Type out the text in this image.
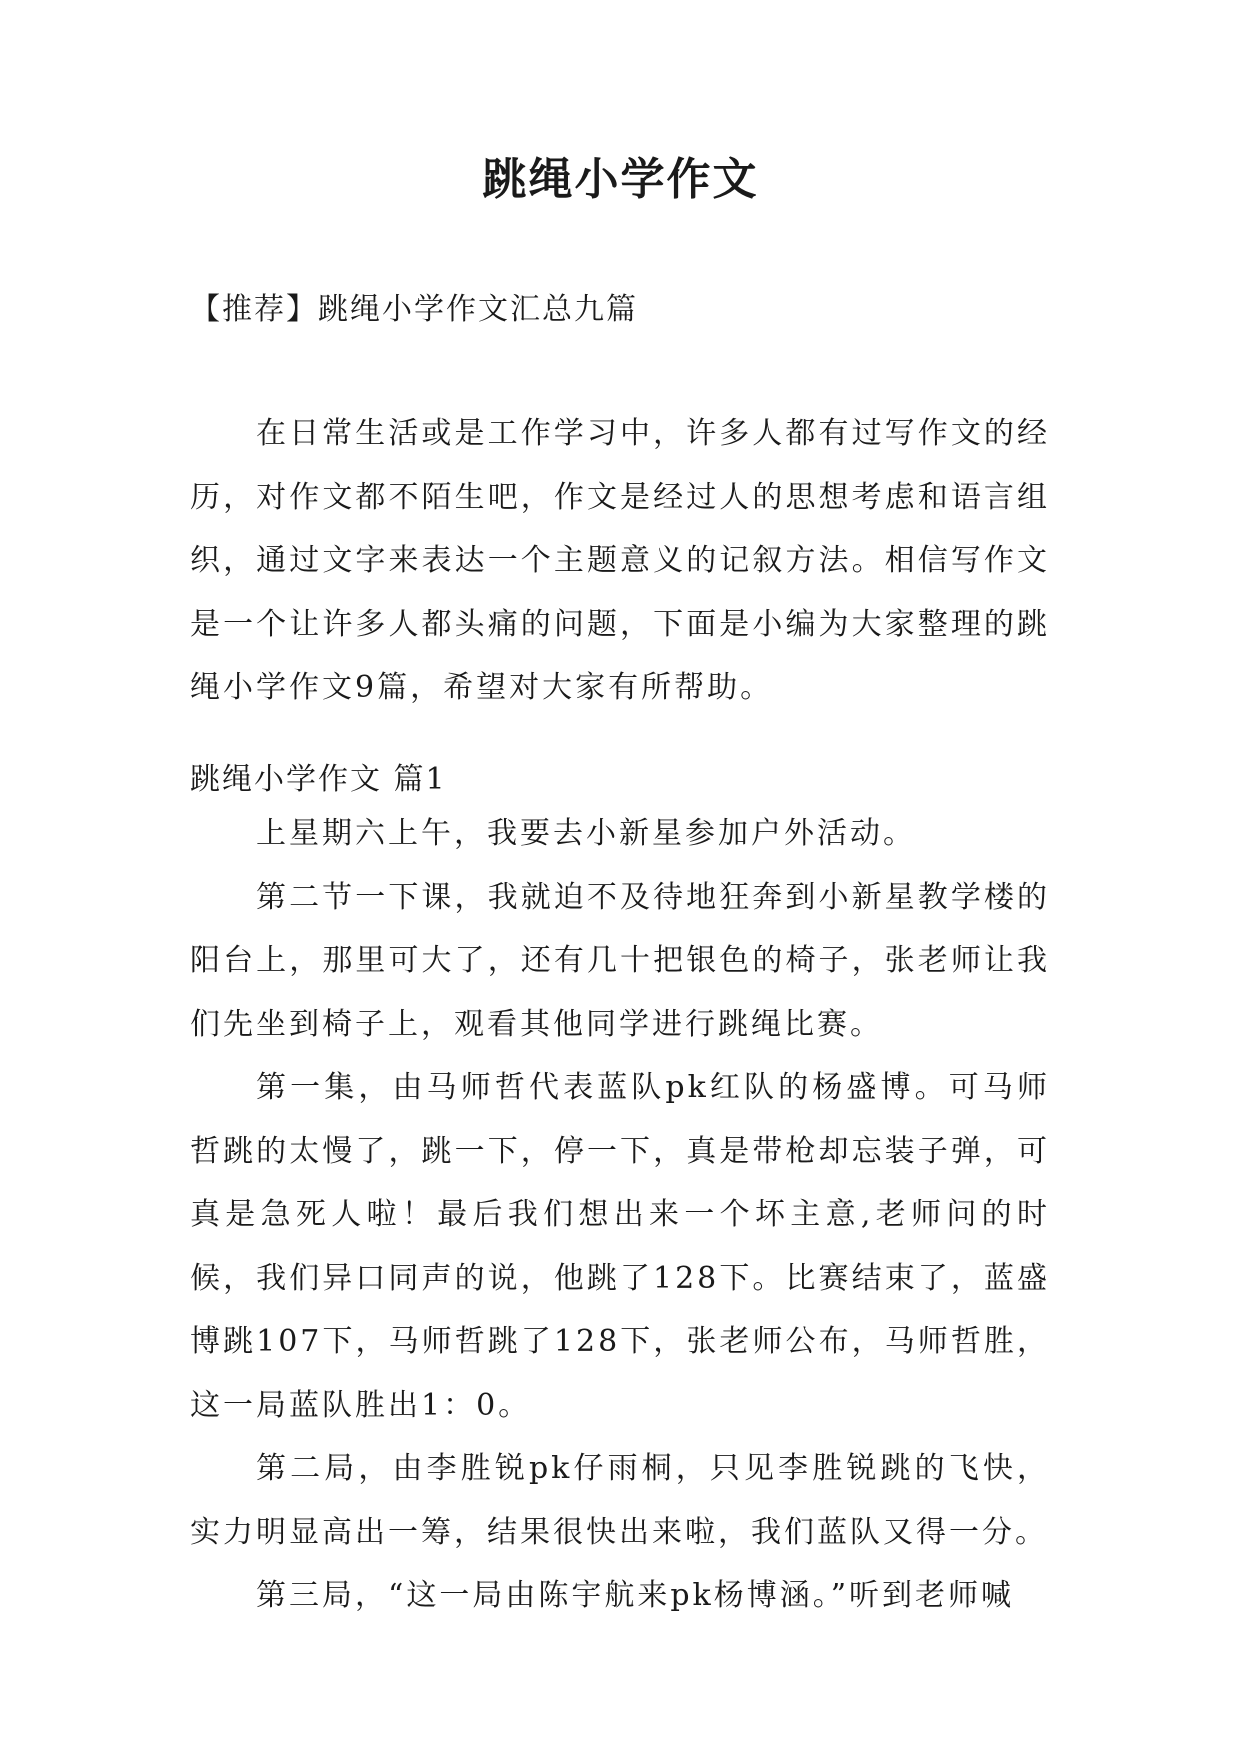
跳绳小学作文
【推荐】跳绳小学作文汇总九篇

在日常生活或是工作学习中，许多人都有过写作文的经历，对作文都不陌生吧，作文是经过人的思想考虑和语言组织，通过文字来表达一个主题意义的记叙方法。相信写作文是一个让许多人都头痛的问题，下面是小编为大家整理的跳绳小学作文9篇，希望对大家有所帮助。

跳绳小学作文 篇1

上星期六上午，我要去小新星参加户外活动。

第二节一下课，我就迫不及待地狂奔到小新星教学楼的阳台上，那里可大了，还有几十把银色的椅子，张老师让我们先坐到椅子上，观看其他同学进行跳绳比赛。

第一集，由马师哲代表蓝队pk红队的杨盛博。可马师哲跳的太慢了，跳一下，停一下，真是带枪却忘装子弹，可真是急死人啦！最后我们想出来一个坏主意,老师问的时候，我们异口同声的说，他跳了128下。比赛结束了，蓝盛博跳107下，马师哲跳了128下，张老师公布，马师哲胜，这一局蓝队胜出1：0。

第二局，由李胜锐pk仔雨桐，只见李胜锐跳的飞快，实力明显高出一筹，结果很快出来啦，我们蓝队又得一分。

第三局，“这一局由陈宇航来pk杨博涵。”听到老师喊
